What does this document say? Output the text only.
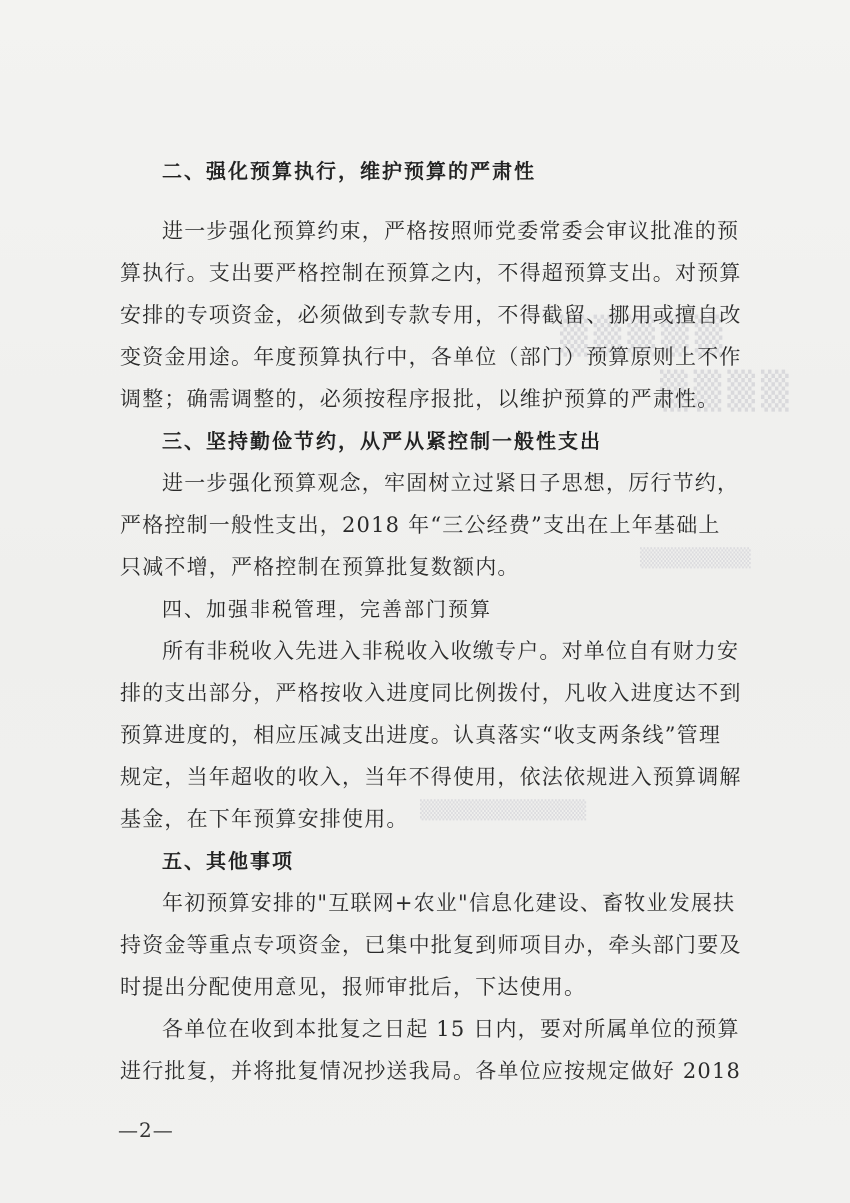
▒▒▒▒▒
▒▒▒▒
▒▒▒▒▒▒▒▒
▒▒▒▒▒▒▒▒▒▒▒▒
二、强化预算执行，维护预算的严肃性
进一步强化预算约束，严格按照师党委常委会审议批准的预
算执行。支出要严格控制在预算之内，不得超预算支出。对预算
安排的专项资金，必须做到专款专用，不得截留、挪用或擅自改
变资金用途。年度预算执行中，各单位（部门）预算原则上不作
调整；确需调整的，必须按程序报批，以维护预算的严肃性。
三、坚持勤俭节约，从严从紧控制一般性支出
进一步强化预算观念，牢固树立过紧日子思想，厉行节约，
严格控制一般性支出，2018 年“三公经费”支出在上年基础上
只减不增，严格控制在预算批复数额内。
四、加强非税管理，完善部门预算
所有非税收入先进入非税收入收缴专户。对单位自有财力安
排的支出部分，严格按收入进度同比例拨付，凡收入进度达不到
预算进度的，相应压减支出进度。认真落实“收支两条线”管理
规定，当年超收的收入，当年不得使用，依法依规进入预算调解
基金，在下年预算安排使用。
五、其他事项
年初预算安排的"互联网+农业"信息化建设、畜牧业发展扶
持资金等重点专项资金，已集中批复到师项目办，牵头部门要及
时提出分配使用意见，报师审批后，下达使用。
各单位在收到本批复之日起 15 日内，要对所属单位的预算
进行批复，并将批复情况抄送我局。各单位应按规定做好 2018
—2—
